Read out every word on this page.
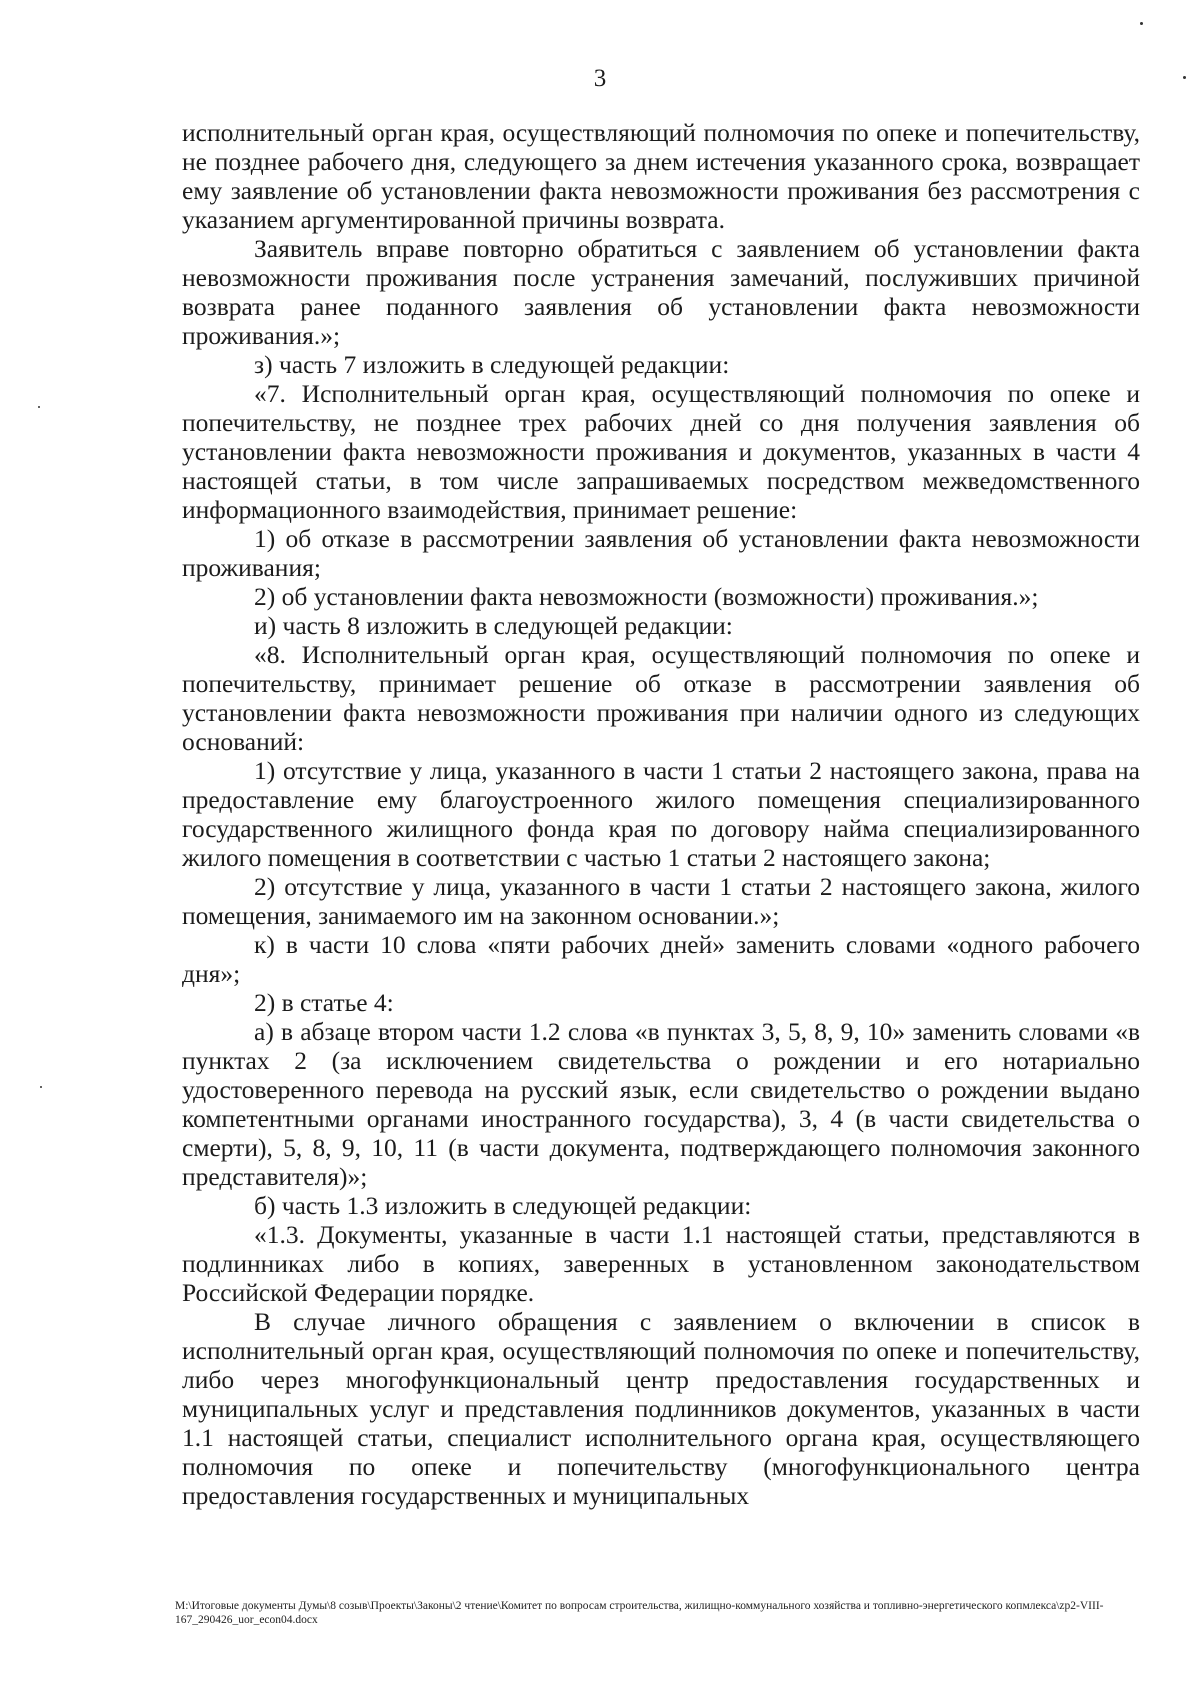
3

исполнительный орган края, осуществляющий полномочия по опеке и попечительству, не позднее рабочего дня, следующего за днем истечения указанного срока, возвращает ему заявление об установлении факта невозможности проживания без рассмотрения с указанием аргументированной причины возврата.

Заявитель вправе повторно обратиться с заявлением об установлении факта невозможности проживания после устранения замечаний, послуживших причиной возврата ранее поданного заявления об установлении факта невозможности проживания.»;

з) часть 7 изложить в следующей редакции:

«7. Исполнительный орган края, осуществляющий полномочия по опеке и попечительству, не позднее трех рабочих дней со дня получения заявления об установлении факта невозможности проживания и документов, указанных в части 4 настоящей статьи, в том числе запрашиваемых посредством межведомственного информационного взаимодействия, принимает решение:

1) об отказе в рассмотрении заявления об установлении факта невозможности проживания;

2) об установлении факта невозможности (возможности) проживания.»;

и) часть 8 изложить в следующей редакции:

«8. Исполнительный орган края, осуществляющий полномочия по опеке и попечительству, принимает решение об отказе в рассмотрении заявления об установлении факта невозможности проживания при наличии одного из следующих оснований:

1) отсутствие у лица, указанного в части 1 статьи 2 настоящего закона, права на предоставление ему благоустроенного жилого помещения специализированного государственного жилищного фонда края по договору найма специализированного жилого помещения в соответствии с частью 1 статьи 2 настоящего закона;

2) отсутствие у лица, указанного в части 1 статьи 2 настоящего закона, жилого помещения, занимаемого им на законном основании.»;

к) в части 10 слова «пяти рабочих дней» заменить словами «одного рабочего дня»;

2) в статье 4:

а) в абзаце втором части 1.2 слова «в пунктах 3, 5, 8, 9, 10» заменить словами «в пунктах 2 (за исключением свидетельства о рождении и его нотариально удостоверенного перевода на русский язык, если свидетельство о рождении выдано компетентными органами иностранного государства), 3, 4 (в части свидетельства о смерти), 5, 8, 9, 10, 11 (в части документа, подтверждающего полномочия законного представителя)»;

б) часть 1.3 изложить в следующей редакции:

«1.3. Документы, указанные в части 1.1 настоящей статьи, представляются в подлинниках либо в копиях, заверенных в установленном законодательством Российской Федерации порядке.

В случае личного обращения с заявлением о включении в список в исполнительный орган края, осуществляющий полномочия по опеке и попечительству, либо через многофункциональный центр предоставления государственных и муниципальных услуг и представления подлинников документов, указанных в части 1.1 настоящей статьи, специалист исполнительного органа края, осуществляющего полномочия по опеке и попечительству (многофункционального центра предоставления государственных и муниципальных

M:\Итоговые документы Думы\8 созыв\Проекты\Законы\2 чтение\Комитет по вопросам строительства, жилищно-коммунального хозяйства и топливно-энергетического копмлекса\zp2-VIII-167_290426_uor_econ04.docx
